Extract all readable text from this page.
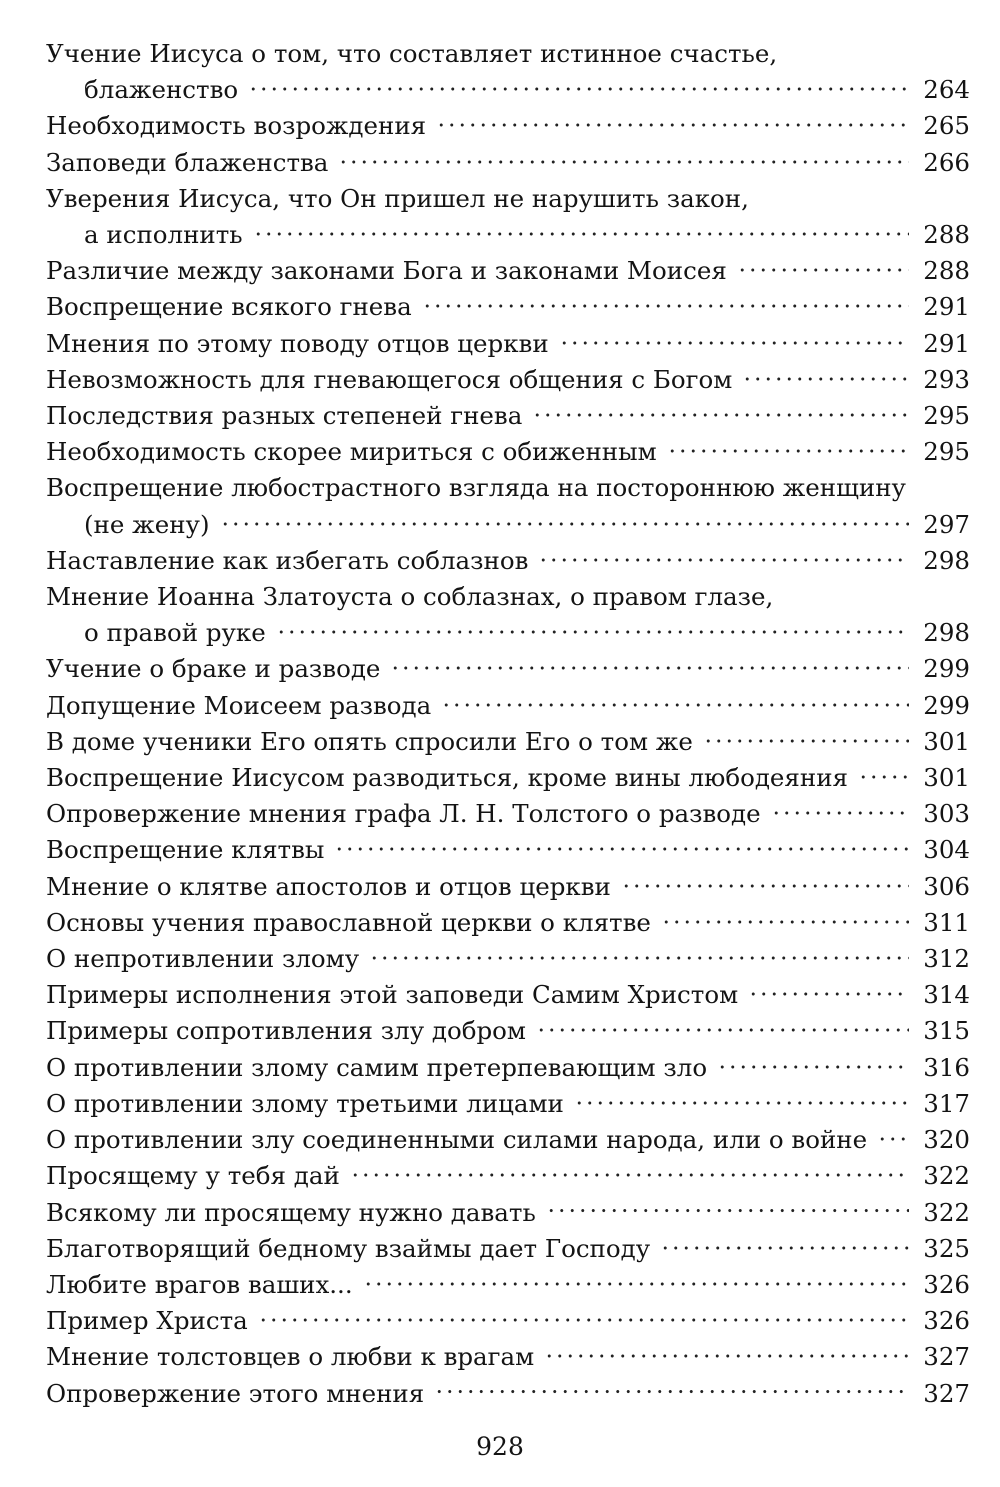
Учение Иисуса о том, что составляет истинное счастье,
блаженство	264
Необходимость возрождения	265
Заповеди блаженства	266
Уверения Иисуса, что Он пришел не нарушить закон,
а исполнить	288
Различие между законами Бога и законами Моисея	288
Воспрещение всякого гнева	291
Мнения по этому поводу отцов церкви	291
Невозможность для гневающегося общения с Богом	293
Последствия разных степеней гнева	295
Необходимость скорее мириться с обиженным	295
Воспрещение любострастного взгляда на постороннюю женщину
(не жену)	297
Наставление как избегать соблазнов	298
Мнение Иоанна Златоуста о соблазнах, о правом глазе,
о правой руке	298
Учение о браке и разводе	299
Допущение Моисеем развода	299
В доме ученики Его опять спросили Его о том же	301
Воспрещение Иисусом разводиться, кроме вины любодеяния	301
Опровержение мнения графа Л. Н. Толстого о разводе	303
Воспрещение клятвы	304
Мнение о клятве апостолов и отцов церкви	306
Основы учения православной церкви о клятве	311
О непротивлении злому	312
Примеры исполнения этой заповеди Самим Христом	314
Примеры сопротивления злу добром	315
О противлении злому самим претерпевающим зло	316
О противлении злому третьими лицами	317
О противлении злу соединенными силами народа, или о войне 320
Просящему у тебя дай	322
Всякому ли просящему нужно давать	322
Благотворящий бедному взаймы дает Господу	325
Любите врагов ваших...	326
Пример Христа	326
Мнение толстовцев о любви к врагам	327
Опровержение этого мнения	327
928
